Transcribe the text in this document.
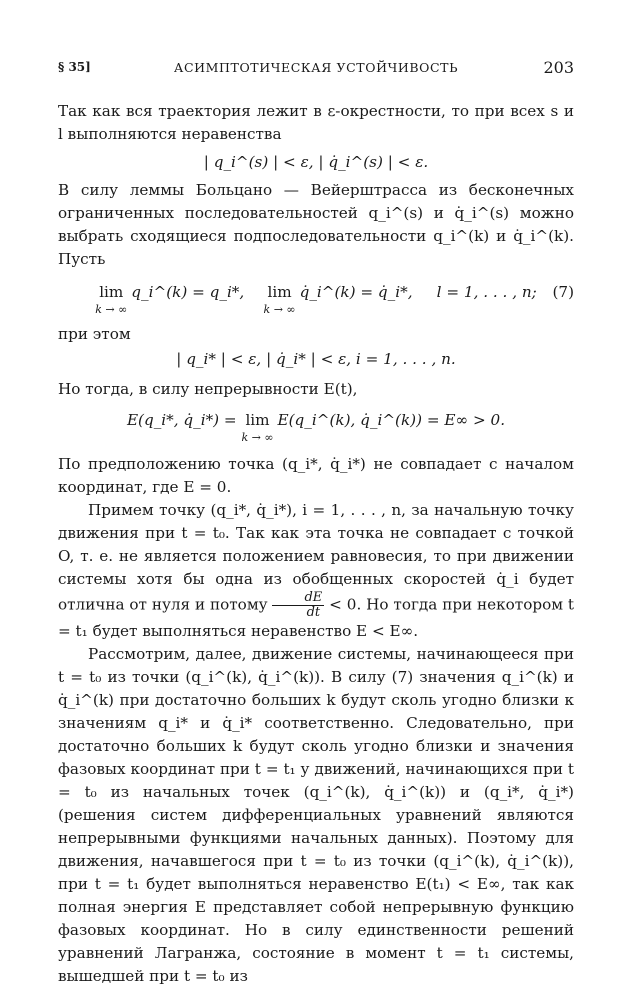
§ 35]	АСИМПТОТИЧЕСКАЯ УСТОЙЧИВОСТЬ	203

Так как вся траектория лежит в ε-окрестности, то при всех s и l выполняются неравенства

| q_i^(s) | < ε, | q̇_i^(s) | < ε.

В силу леммы Больцано — Вейерштрасса из бесконечных ограниченных последовательностей q_i^(s) и q̇_i^(s) можно выбрать сходящиеся подпоследовательности q_i^(k) и q̇_i^(k). Пусть

lim
k → ∞
q_i^(k) = q_i*, lim
k → ∞
q̇_i^(k) = q̇_i*, l = 1, . . . , n; (7)

при этом

| q_i* | < ε, | q̇_i* | < ε, i = 1, . . . , n.

Но тогда, в силу непрерывности E(t),

E(q_i*, q̇_i*) = lim
k → ∞
E(q_i^(k), q̇_i^(k)) = E∞ > 0.

По предположению точка (q_i*, q̇_i*) не совпадает с началом координат, где E = 0.

Примем точку (q_i*, q̇_i*), i = 1, . . . , n, за начальную точку движения при t = t₀. Так как эта точка не совпадает с точкой O, т. е. не является положением равновесия, то при движении системы хотя бы одна из обобщенных скоростей q̇_i будет отлична от нуля и потому $\frac{dE}{dt} < 0$. Но тогда при некотором t = t₁ будет выполняться неравенство E < E∞.

Рассмотрим, далее, движение системы, начинающееся при t = t₀ из точки (q_i^(k), q̇_i^(k)). В силу (7) значения q_i^(k) и q̇_i^(k) при достаточно больших k будут сколь угодно близки к значениям q_i* и q̇_i* соответственно. Следовательно, при достаточно больших k будут сколь угодно близки и значения фазовых координат при t = t₁ у движений, начинающихся при t = t₀ из начальных точек (q_i^(k), q̇_i^(k)) и (q_i*, q̇_i*) (решения систем дифференциальных уравнений являются непрерывными функциями начальных данных). Поэтому для движения, начавшегося при t = t₀ из точки (q_i^(k), q̇_i^(k)), при t = t₁ будет выполняться неравенство E(t₁) < E∞, так как полная энергия E представляет собой непрерывную функцию фазовых координат. Но в силу единственности решений уравнений Лагранжа, состояние в момент t = t₁ системы, вышедшей при t = t₀ из
